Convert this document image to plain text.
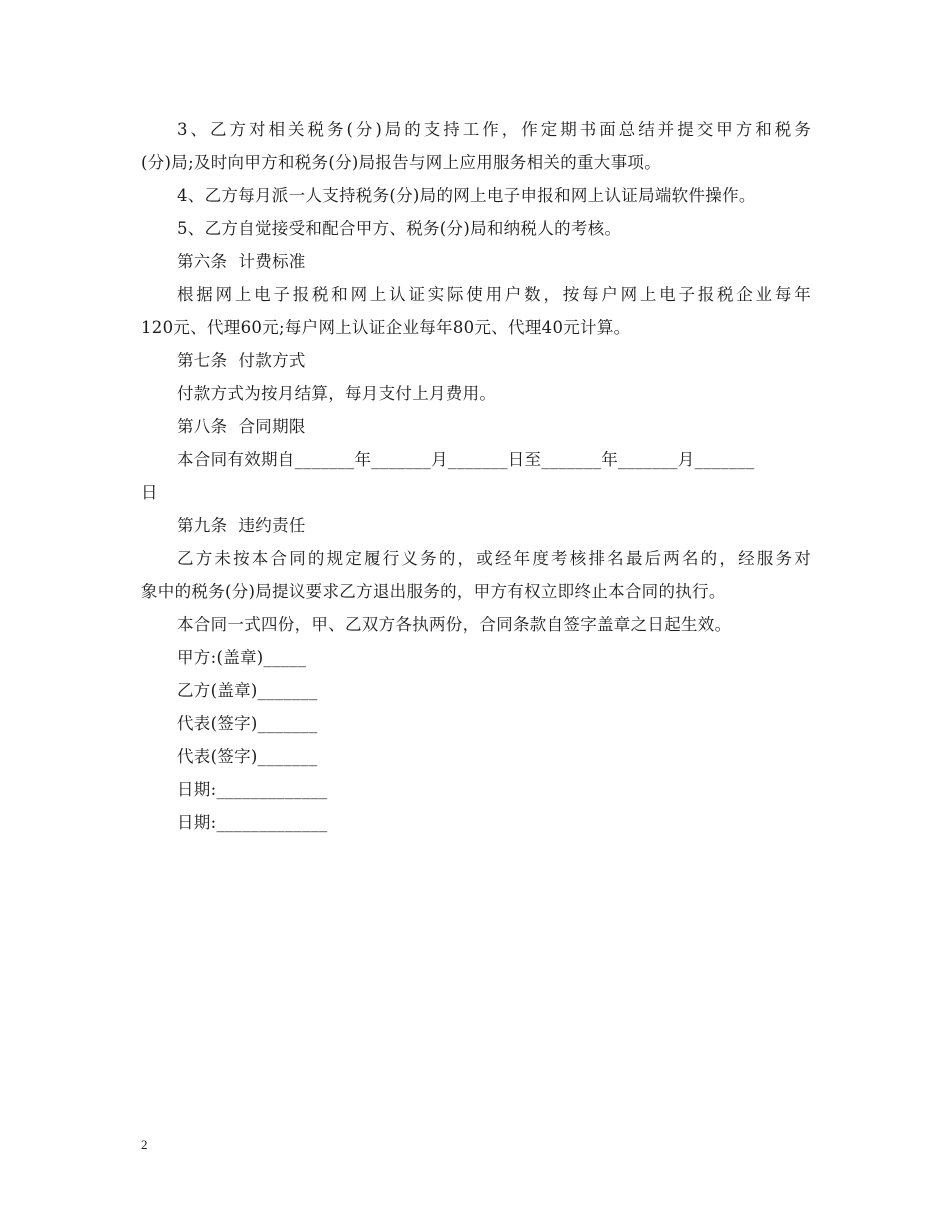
3、乙方对相关税务(分)局的支持工作，作定期书面总结并提交甲方和税务
(分)局;及时向甲方和税务(分)局报告与网上应用服务相关的重大事项。
4、乙方每月派一人支持税务(分)局的网上电子申报和网上认证局端软件操作。
5、乙方自觉接受和配合甲方、税务(分)局和纳税人的考核。
第六条  计费标准
根据网上电子报税和网上认证实际使用户数，按每户网上电子报税企业每年
120元、代理60元;每户网上认证企业每年80元、代理40元计算。
第七条  付款方式
付款方式为按月结算，每月支付上月费用。
第八条  合同期限
本合同有效期自_______年_______月_______日至_______年_______月_______
日
第九条  违约责任
乙方未按本合同的规定履行义务的，或经年度考核排名最后两名的，经服务对
象中的税务(分)局提议要求乙方退出服务的，甲方有权立即终止本合同的执行。
本合同一式四份，甲、乙双方各执两份，合同条款自签字盖章之日起生效。
甲方:(盖章)_____
乙方(盖章)_______
代表(签字)_______
代表(签字)_______
日期:_____________
日期:_____________
2
